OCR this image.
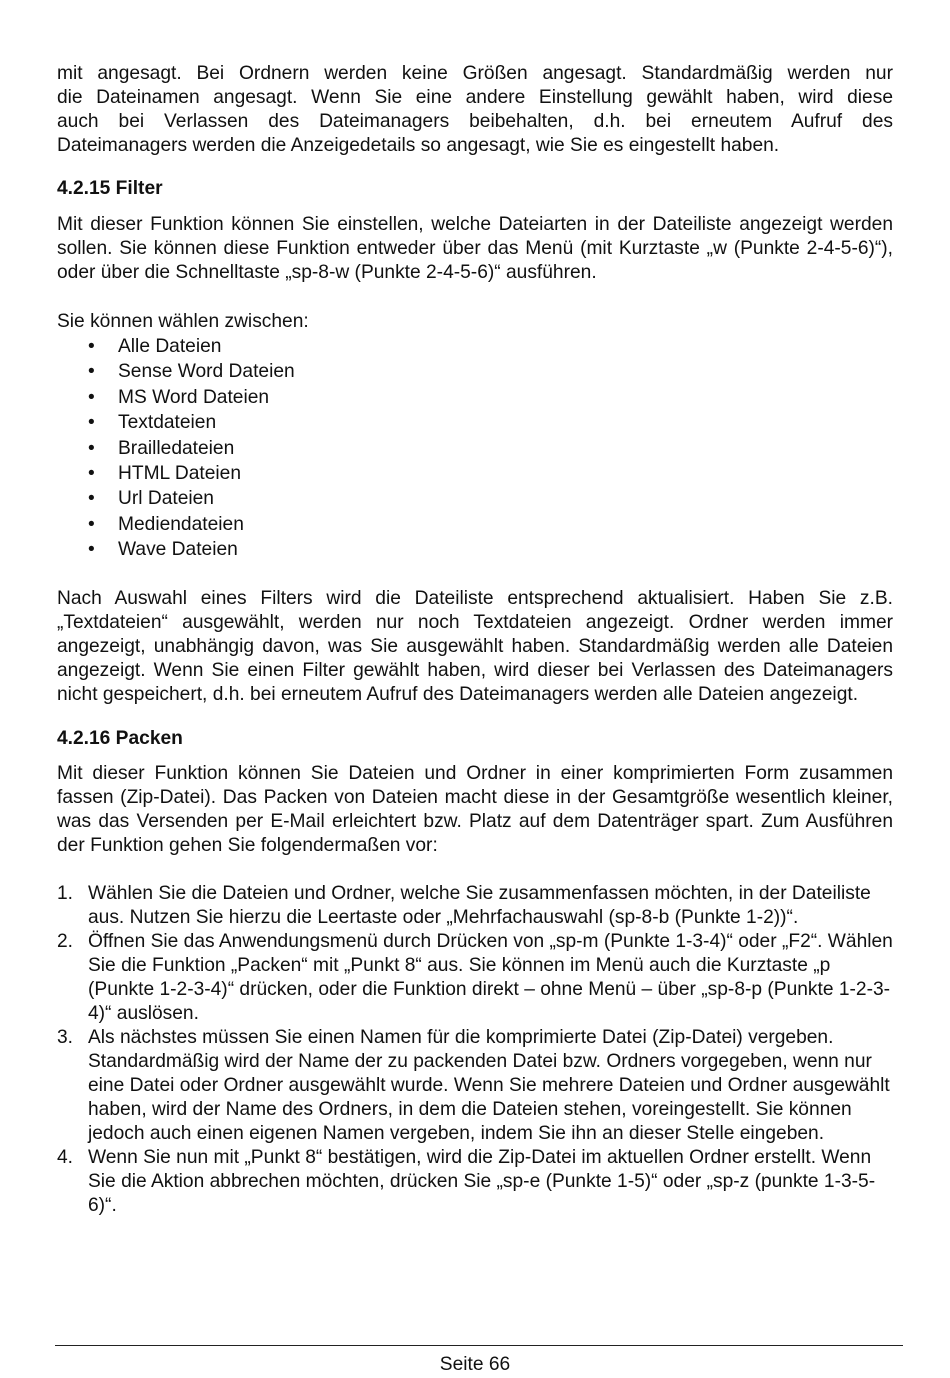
mit angesagt. Bei Ordnern werden keine Größen angesagt. Standardmäßig werden nur

die Dateinamen angesagt. Wenn Sie eine andere Einstellung gewählt haben, wird diese

auch bei Verlassen des Dateimanagers beibehalten, d.h. bei erneutem Aufruf des

Dateimanagers werden die Anzeigedetails so angesagt, wie Sie es eingestellt haben.

4.2.15 Filter

Mit dieser Funktion können Sie einstellen, welche Dateiarten in der Dateiliste angezeigt werden sollen. Sie können diese Funktion entweder über das Menü (mit Kurztaste „w (Punkte 2-4-5-6)“), oder über die Schnelltaste „sp-8-w (Punkte 2-4-5-6)“ ausführen.

Sie können wählen zwischen:

• Alle Dateien
• Sense Word Dateien
• MS Word Dateien
• Textdateien
• Brailledateien
• HTML Dateien
• Url Dateien
• Mediendateien
• Wave Dateien

Nach Auswahl eines Filters wird die Dateiliste entsprechend aktualisiert. Haben Sie z.B. „Textdateien“ ausgewählt, werden nur noch Textdateien angezeigt. Ordner werden immer angezeigt, unabhängig davon, was Sie ausgewählt haben. Standardmäßig werden alle Dateien angezeigt. Wenn Sie einen Filter gewählt haben, wird dieser bei Verlassen des Dateimanagers nicht gespeichert, d.h. bei erneutem Aufruf des Dateimanagers werden alle Dateien angezeigt.

4.2.16 Packen

Mit dieser Funktion können Sie Dateien und Ordner in einer komprimierten Form zusammen fassen (Zip-Datei). Das Packen von Dateien macht diese in der Gesamtgröße wesentlich kleiner, was das Versenden per E-Mail erleichtert bzw. Platz auf dem Datenträger spart. Zum Ausführen der Funktion gehen Sie folgendermaßen vor:

1. Wählen Sie die Dateien und Ordner, welche Sie zusammenfassen möchten, in der Dateiliste aus. Nutzen Sie hierzu die Leertaste oder „Mehrfachauswahl (sp-8-b (Punkte 1-2))“.
2. Öffnen Sie das Anwendungsmenü durch Drücken von „sp-m (Punkte 1-3-4)“ oder „F2“. Wählen Sie die Funktion „Packen“ mit „Punkt 8“ aus. Sie können im Menü auch die Kurztaste „p (Punkte 1-2-3-4)“ drücken, oder die Funktion direkt – ohne Menü – über „sp-8-p (Punkte 1-2-3-4)“ auslösen.
3. Als nächstes müssen Sie einen Namen für die komprimierte Datei (Zip-Datei) vergeben. Standardmäßig wird der Name der zu packenden Datei bzw. Ordners vorgegeben, wenn nur eine Datei oder Ordner ausgewählt wurde. Wenn Sie mehrere Dateien und Ordner ausgewählt haben, wird der Name des Ordners, in dem die Dateien stehen, voreingestellt. Sie können jedoch auch einen eigenen Namen vergeben, indem Sie ihn an dieser Stelle eingeben.
4. Wenn Sie nun mit „Punkt 8“ bestätigen, wird die Zip-Datei im aktuellen Ordner erstellt. Wenn Sie die Aktion abbrechen möchten, drücken Sie „sp-e (Punkte 1-5)“ oder „sp-z (punkte 1-3-5-6)“.
Seite 66
